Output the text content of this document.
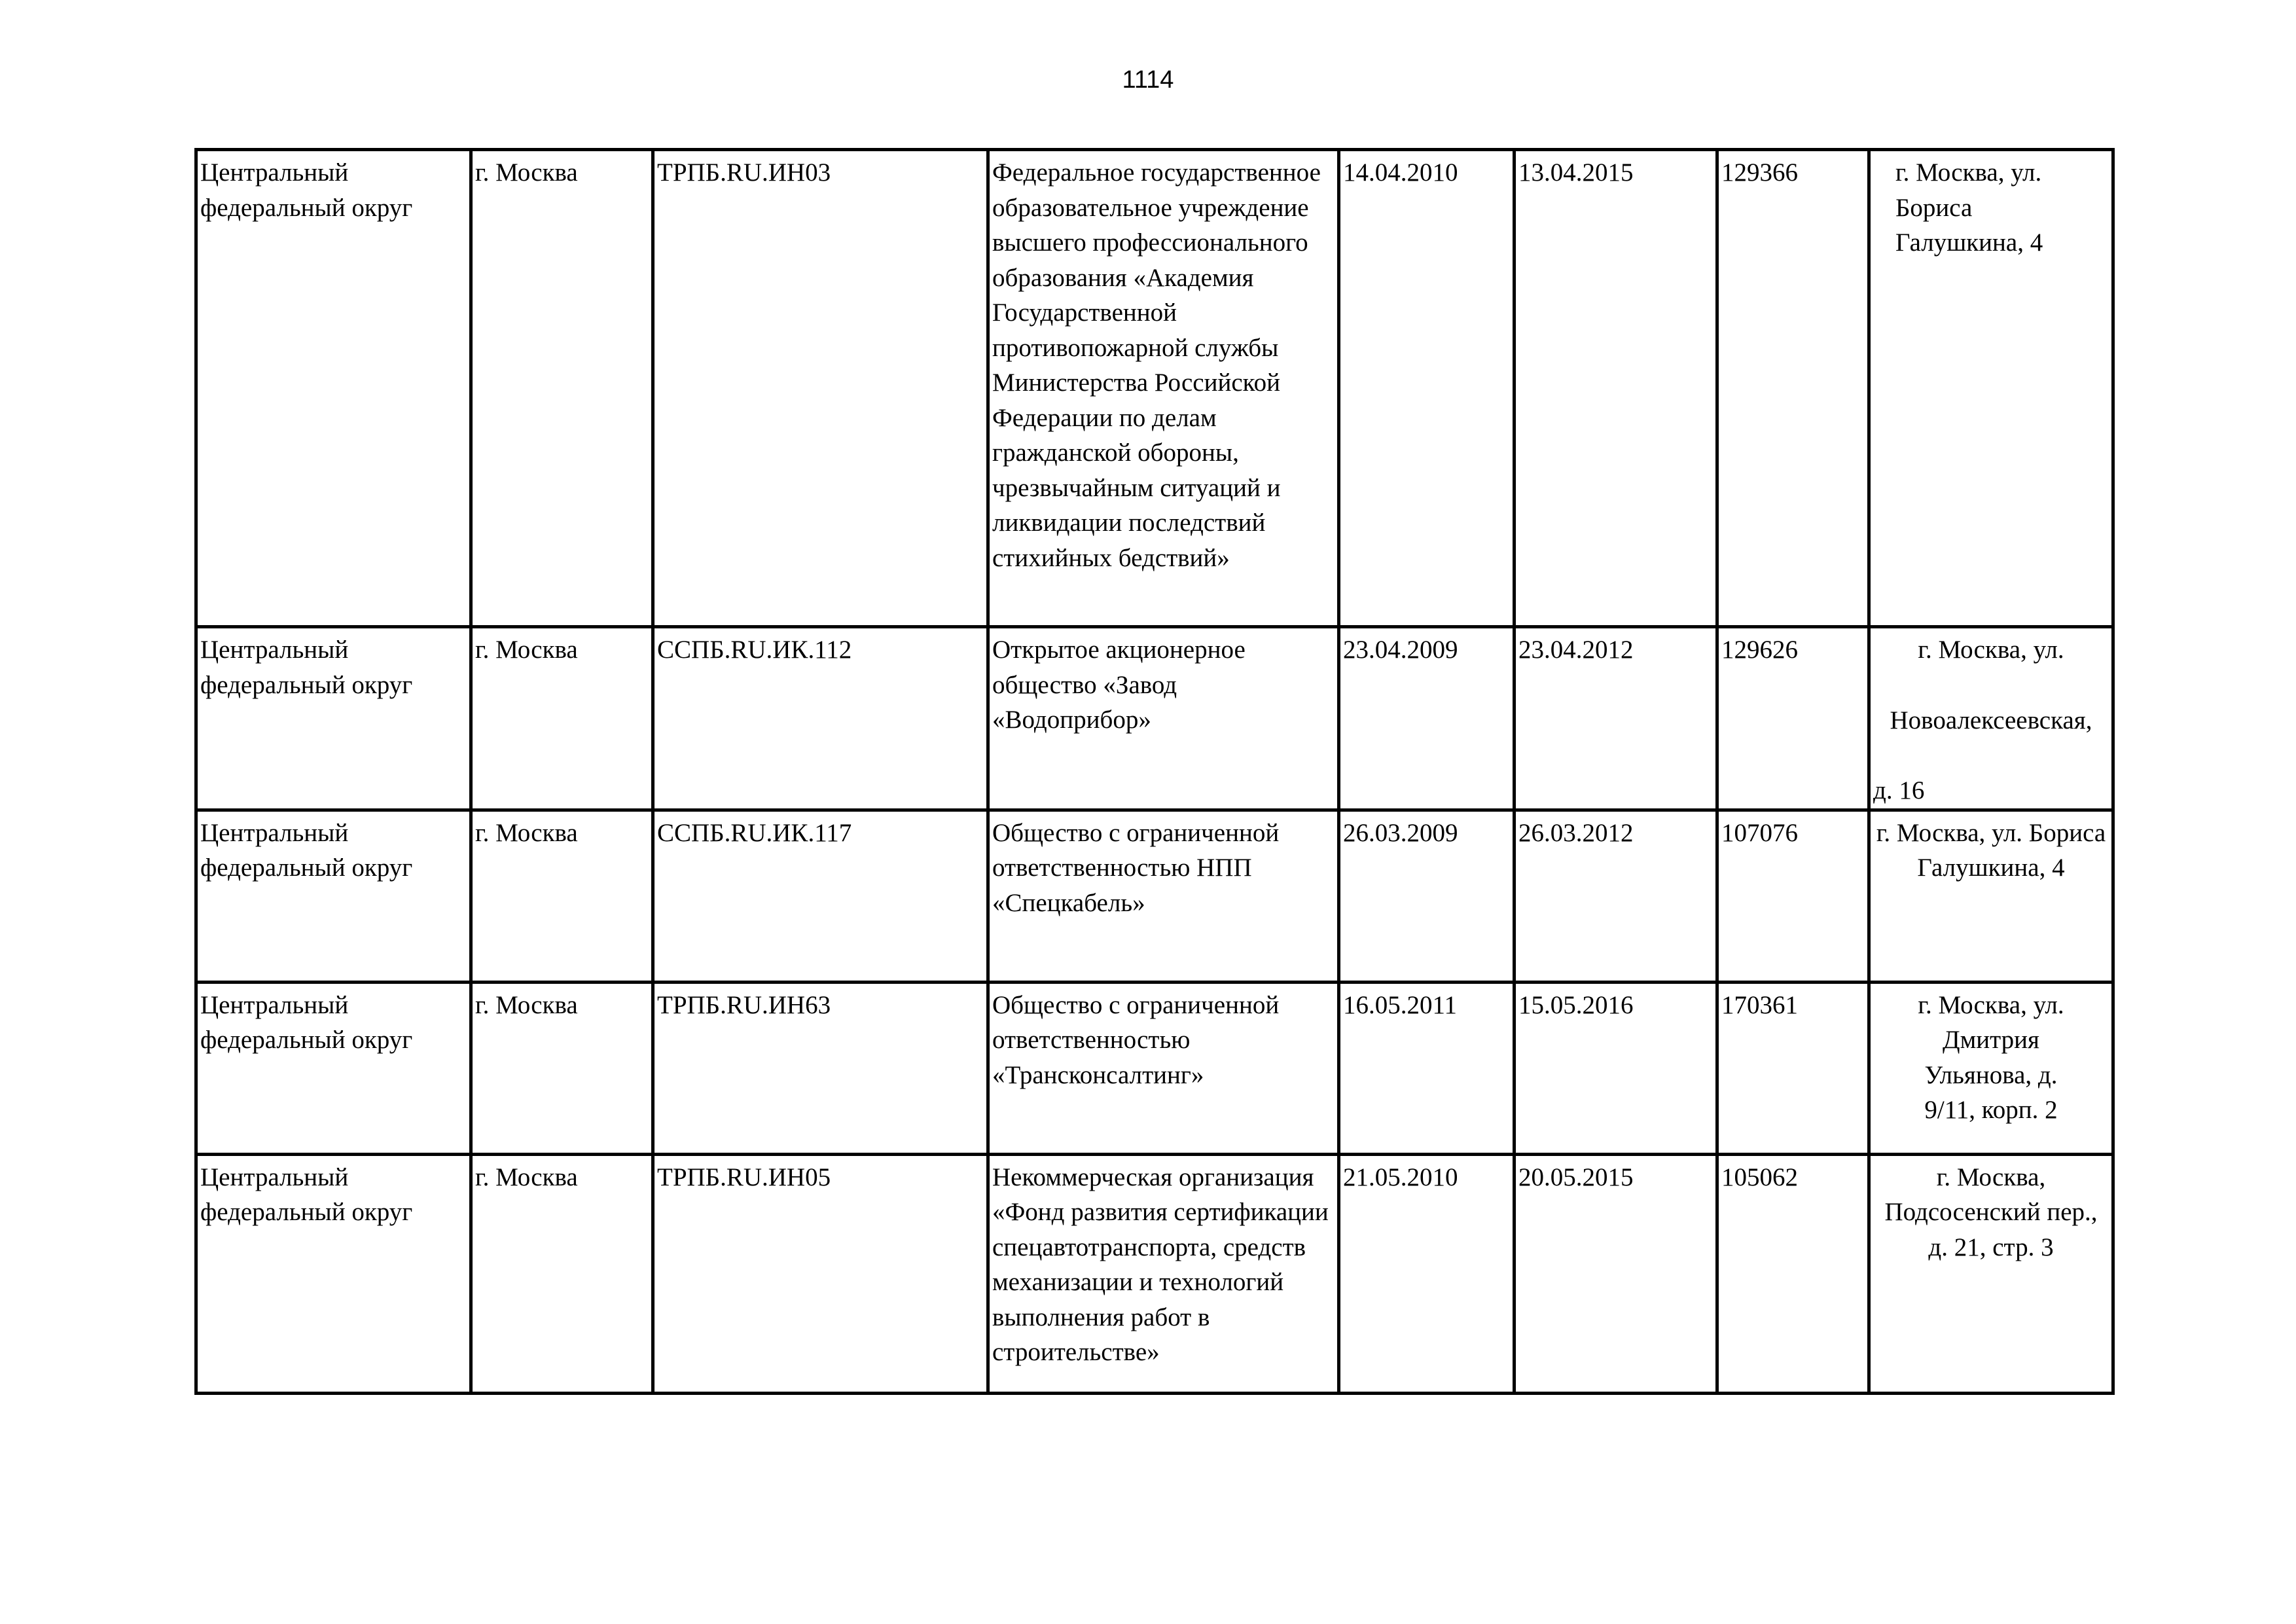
1114
Центральный федеральный округ	г. Москва	ТРПБ.RU.ИН03	Федеральное государственное образовательное учреждение высшего профессионального образования «Академия Государственной противопожарной службы Министерства Российской Федерации по делам гражданской обороны, чрезвычайным ситуаций и ликвидации последствий стихийных бедствий»	14.04.2010	13.04.2015	129366	г. Москва, ул. Бориса Галушкина, 4

Центральный федеральный округ	г. Москва	ССПБ.RU.ИК.112	Открытое акционерное общество «Завод «Водоприбор»	23.04.2009	23.04.2012	129626	г. Москва, ул.
Новоалексеевская,
д. 16

Центральный федеральный округ	г. Москва	ССПБ.RU.ИК.117	Общество с ограниченной ответственностью НПП «Спецкабель»	26.03.2009	26.03.2012	107076	г. Москва, ул. Бориса Галушкина, 4
Центральный федеральный округ	г. Москва	ТРПБ.RU.ИН63	Общество с ограниченной ответственностью «Трансконсалтинг»	16.05.2011	15.05.2016	170361	г. Москва, ул. Дмитрия Ульянова, д. 9/11, корп. 2

Центральный федеральный округ	г. Москва	ТРПБ.RU.ИН05	Некоммерческая организация «Фонд развития сертификации спецавтотранспорта, средств механизации и технологий выполнения работ в строительстве»	21.05.2010	20.05.2015	105062	г. Москва, Подсосенский пер., д. 21, стр. 3
